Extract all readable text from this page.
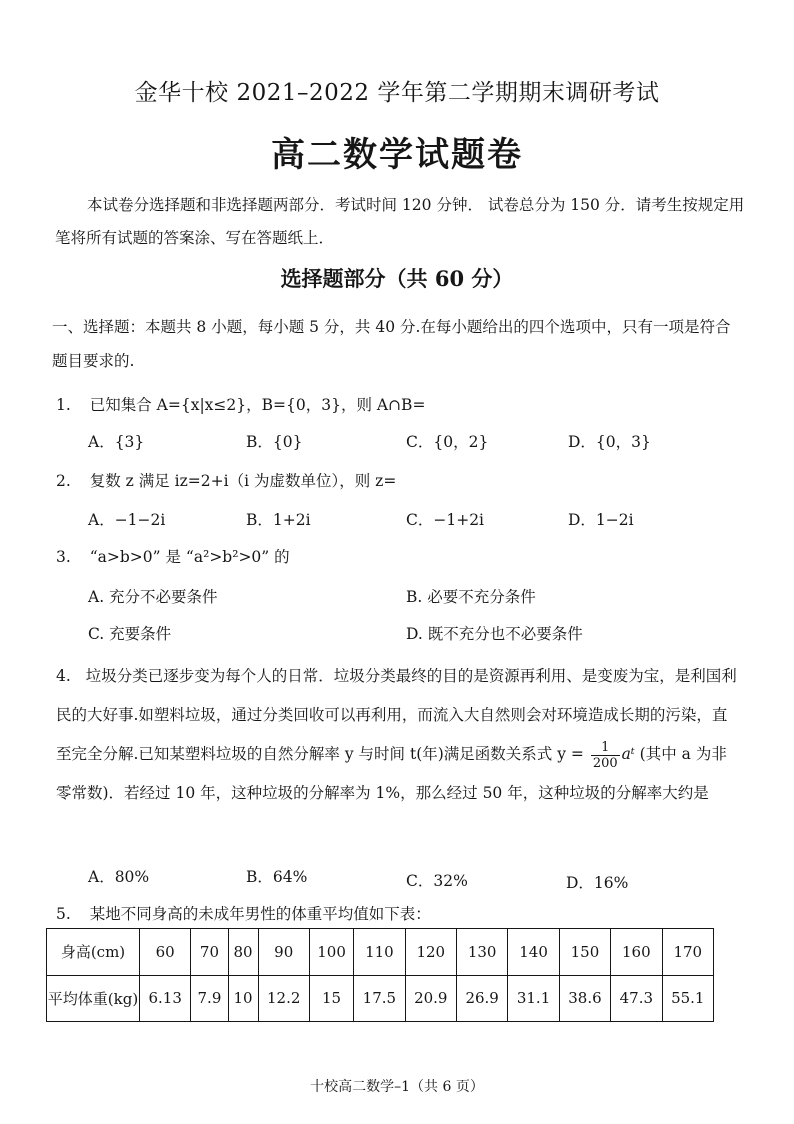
金华十校 2021–2022 学年第二学期期末调研考试
高二数学试题卷
本试卷分选择题和非选择题两部分．考试时间 120 分钟． 试卷总分为 150 分．请考生按规定用笔将所有试题的答案涂、写在答题纸上．
选择题部分（共 60 分）
一、选择题：本题共 8 小题，每小题 5 分，共 40 分.在每小题给出的四个选项中，只有一项是符合题目要求的.
1. 已知集合 A={x|x≤2}，B={0，3}，则 A∩B=
A．{3}	B．{0}	C．{0，2}	D．{0，3}
2. 复数 z 满足 iz=2+i（i 为虚数单位），则 z=
A．−1−2i	B．1+2i	C．−1+2i	D．1−2i
3. “a>b>0” 是 “a²>b²>0” 的
A. 充分不必要条件	B. 必要不充分条件
C. 充要条件	D. 既不充分也不必要条件
4. 垃圾分类已逐步变为每个人的日常．垃圾分类最终的目的是资源再利用、是变废为宝，是利国利民的大好事.如塑料垃圾，通过分类回收可以再利用，而流入大自然则会对环境造成长期的污染，直至完全分解.已知某塑料垃圾的自然分解率 y 与时间 t(年)满足函数关系式 $y = \frac{1}{200}$ aᵗ (其中 a 为非零常数)．若经过 10 年，这种垃圾的分解率为 1%，那么经过 50 年，这种垃圾的分解率大约是
A．80%	B．64%	C．32%	D．16%
5. 某地不同身高的未成年男性的体重平均值如下表：
身高(cm)	60	70	80	90	100	110	120	130	140	150	160	170
平均体重(kg)	6.13	7.9	10	12.2	15	17.5	20.9	26.9	31.1	38.6	47.3	55.1
十校高二数学–1（共 6 页）
